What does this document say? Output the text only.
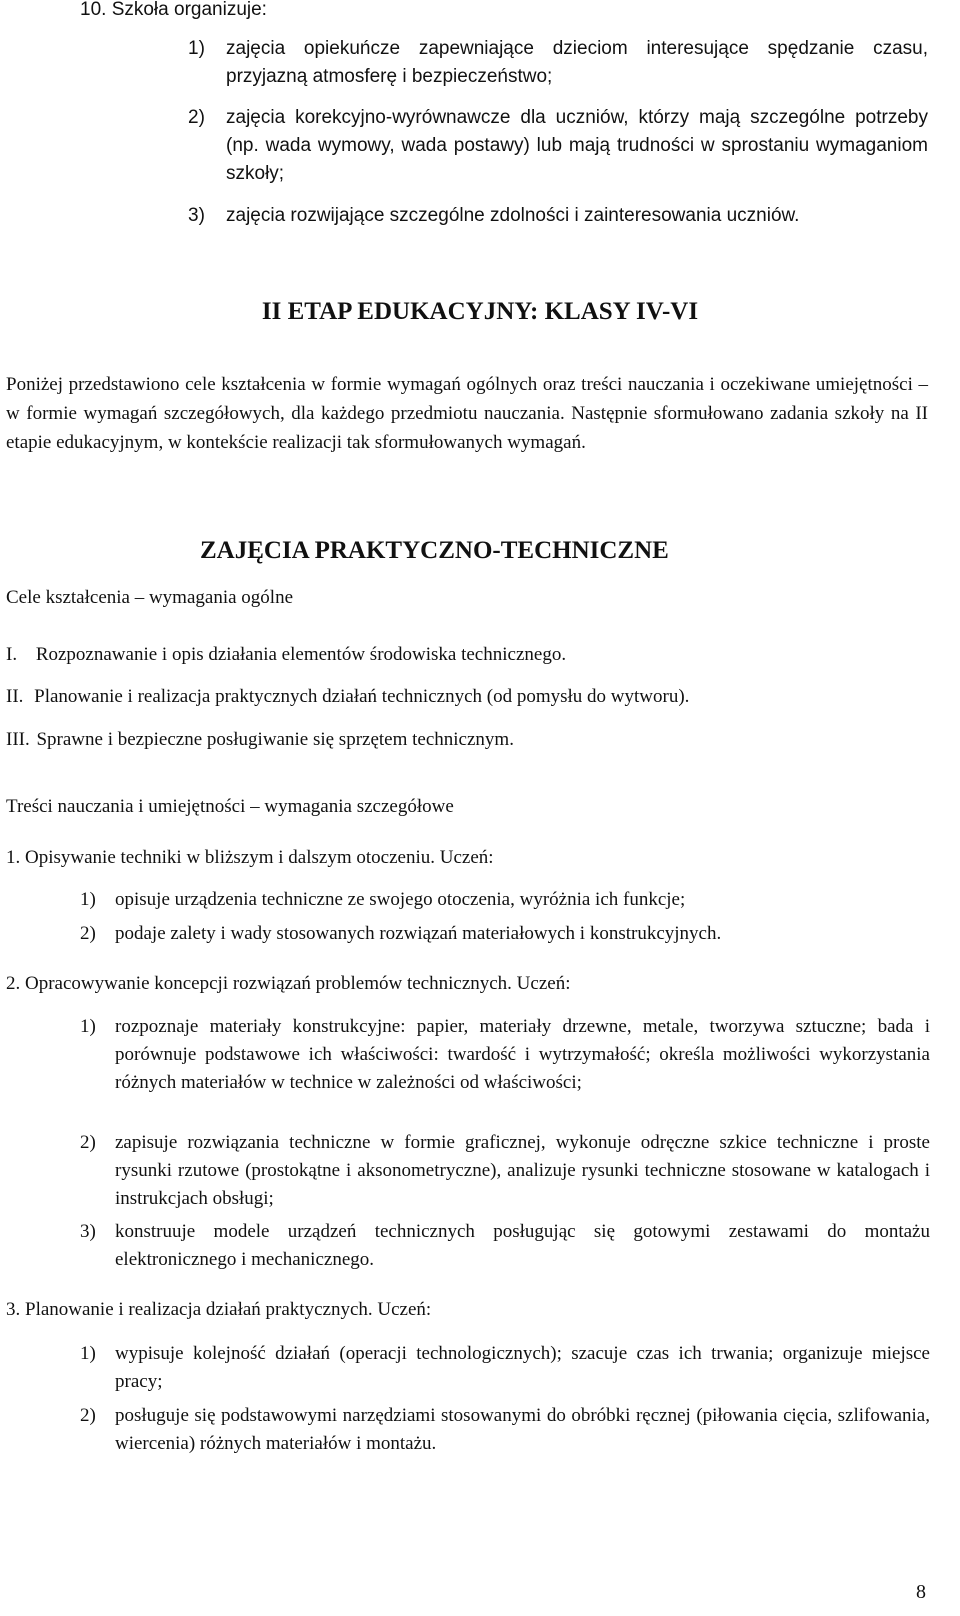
10. Szkoła organizuje:
1) zajęcia opiekuńcze zapewniające dzieciom interesujące spędzanie czasu, przyjazną atmosferę i bezpieczeństwo;
2) zajęcia korekcyjno-wyrównawcze dla uczniów, którzy mają szczególne potrzeby (np. wada wymowy, wada postawy) lub mają trudności w sprostaniu wymaganiom szkoły;
3) zajęcia rozwijające szczególne zdolności i zainteresowania uczniów.
II ETAP EDUKACYJNY: KLASY IV-VI
Poniżej przedstawiono cele kształcenia w formie wymagań ogólnych oraz treści nauczania i oczekiwane umiejętności – w formie wymagań szczegółowych, dla każdego przedmiotu nauczania. Następnie sformułowano zadania szkoły na II etapie edukacyjnym, w kontekście realizacji tak sformułowanych wymagań.
ZAJĘCIA PRAKTYCZNO-TECHNICZNE
Cele kształcenia – wymagania ogólne
I. Rozpoznawanie i opis działania elementów środowiska technicznego.
II. Planowanie i realizacja praktycznych działań technicznych (od pomysłu do wytworu).
III. Sprawne i bezpieczne posługiwanie się sprzętem technicznym.
Treści nauczania i umiejętności – wymagania szczegółowe
1. Opisywanie techniki w bliższym i dalszym otoczeniu. Uczeń:
1) opisuje urządzenia techniczne ze swojego otoczenia, wyróżnia ich funkcje;
2) podaje zalety i wady stosowanych rozwiązań materiałowych i konstrukcyjnych.
2. Opracowywanie koncepcji rozwiązań problemów technicznych. Uczeń:
1) rozpoznaje materiały konstrukcyjne: papier, materiały drzewne, metale, tworzywa sztuczne; bada i porównuje podstawowe ich właściwości: twardość i wytrzymałość; określa możliwości wykorzystania różnych materiałów w technice w zależności od właściwości;
2) zapisuje rozwiązania techniczne w formie graficznej, wykonuje odręczne szkice techniczne i proste rysunki rzutowe (prostokątne i aksonometryczne), analizuje rysunki techniczne stosowane w katalogach i instrukcjach obsługi;
3) konstruuje modele urządzeń technicznych posługując się gotowymi zestawami do montażu elektronicznego i mechanicznego.
3. Planowanie i realizacja działań praktycznych. Uczeń:
1) wypisuje kolejność działań (operacji technologicznych); szacuje czas ich trwania; organizuje miejsce pracy;
2) posługuje się podstawowymi narzędziami stosowanymi do obróbki ręcznej (piłowania cięcia, szlifowania, wiercenia) różnych materiałów i montażu.
8
